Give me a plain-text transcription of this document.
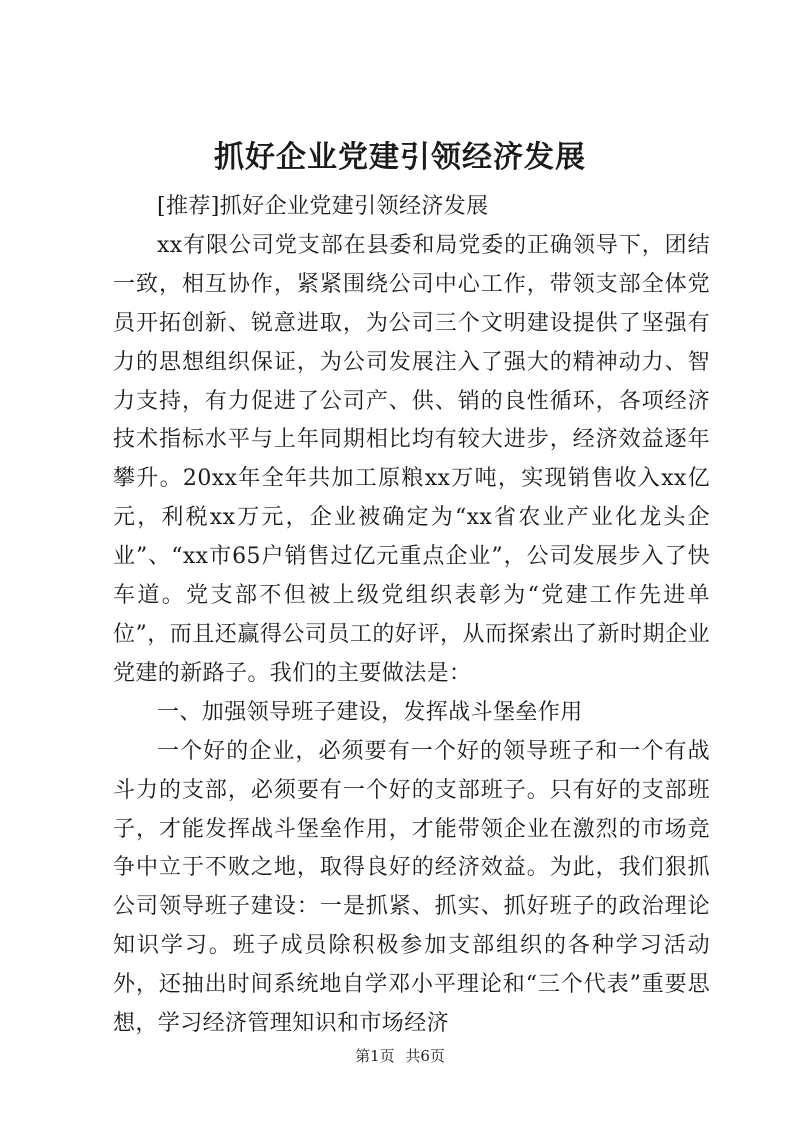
抓好企业党建引领经济发展

[推荐]抓好企业党建引领经济发展

xx有限公司党支部在县委和局党委的正确领导下，团结一致，相互协作，紧紧围绕公司中心工作，带领支部全体党员开拓创新、锐意进取，为公司三个文明建设提供了坚强有力的思想组织保证，为公司发展注入了强大的精神动力、智力支持，有力促进了公司产、供、销的良性循环，各项经济技术指标水平与上年同期相比均有较大进步，经济效益逐年攀升。20xx年全年共加工原粮xx万吨，实现销售收入xx亿元，利税xx万元，企业被确定为“xx省农业产业化龙头企业”、“xx市65户销售过亿元重点企业”，公司发展步入了快车道。党支部不但被上级党组织表彰为“党建工作先进单位”，而且还赢得公司员工的好评，从而探索出了新时期企业党建的新路子。我们的主要做法是：

一、加强领导班子建设，发挥战斗堡垒作用

一个好的企业，必须要有一个好的领导班子和一个有战斗力的支部，必须要有一个好的支部班子。只有好的支部班子，才能发挥战斗堡垒作用，才能带领企业在激烈的市场竞争中立于不败之地，取得良好的经济效益。为此，我们狠抓公司领导班子建设：一是抓紧、抓实、抓好班子的政治理论知识学习。班子成员除积极参加支部组织的各种学习活动外，还抽出时间系统地自学邓小平理论和“三个代表”重要思想，学习经济管理知识和市场经济

第1页 共6页
